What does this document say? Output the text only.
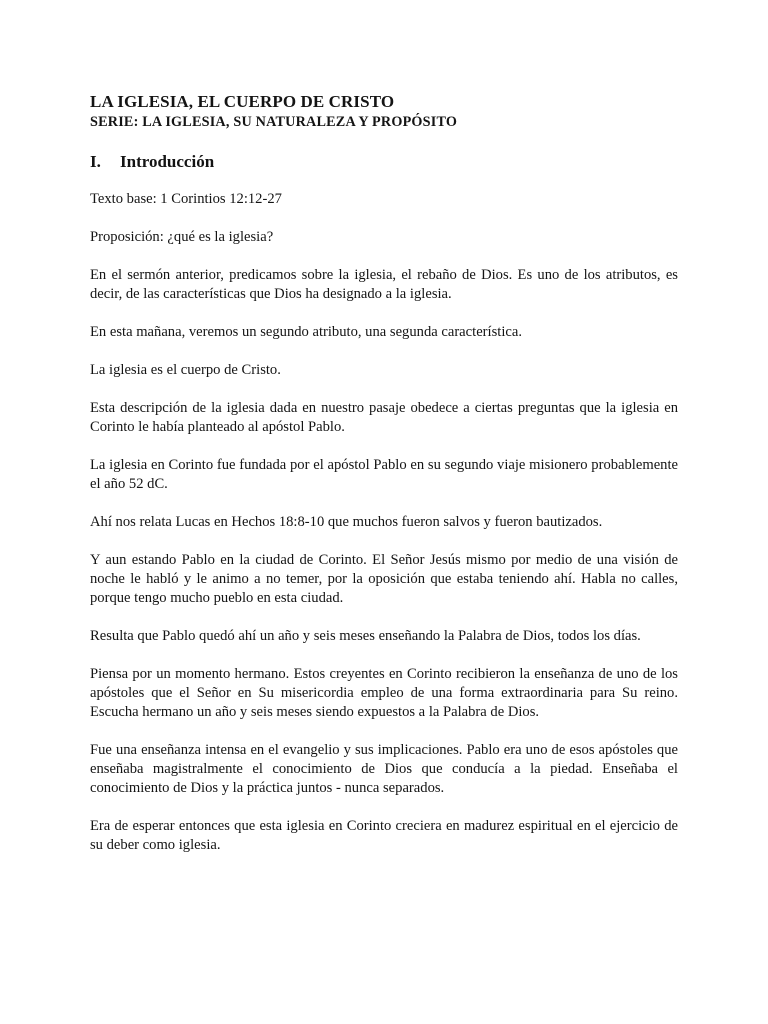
LA IGLESIA, EL CUERPO DE CRISTO
SERIE: LA IGLESIA, SU NATURALEZA Y PROPÓSITO
I.	Introducción

Texto base: 1 Corintios 12:12-27

Proposición: ¿qué es la iglesia?

En el sermón anterior, predicamos sobre la iglesia, el rebaño de Dios. Es uno de los atributos, es decir, de las características que Dios ha designado a la iglesia.

En esta mañana, veremos un segundo atributo, una segunda característica.

La iglesia es el cuerpo de Cristo.

Esta descripción de la iglesia dada en nuestro pasaje obedece a ciertas preguntas que la iglesia en Corinto le había planteado al apóstol Pablo.

La iglesia en Corinto fue fundada por el apóstol Pablo en su segundo viaje misionero probablemente el año 52 dC.

Ahí nos relata Lucas en Hechos 18:8-10 que muchos fueron salvos y fueron bautizados.

Y aun estando Pablo en la ciudad de Corinto. El Señor Jesús mismo por medio de una visión de noche le habló y le animo a no temer, por la oposición que estaba teniendo ahí. Habla no calles, porque tengo mucho pueblo en esta ciudad.

Resulta que Pablo quedó ahí un año y seis meses enseñando la Palabra de Dios, todos los días.

Piensa por un momento hermano. Estos creyentes en Corinto recibieron la enseñanza de uno de los apóstoles que el Señor en Su misericordia empleo de una forma extraordinaria para Su reino. Escucha hermano un año y seis meses siendo expuestos a la Palabra de Dios.

Fue una enseñanza intensa en el evangelio y sus implicaciones. Pablo era uno de esos apóstoles que enseñaba magistralmente el conocimiento de Dios que conducía a la piedad. Enseñaba el conocimiento de Dios y la práctica juntos - nunca separados.

Era de esperar entonces que esta iglesia en Corinto creciera en madurez espiritual en el ejercicio de su deber como iglesia.
